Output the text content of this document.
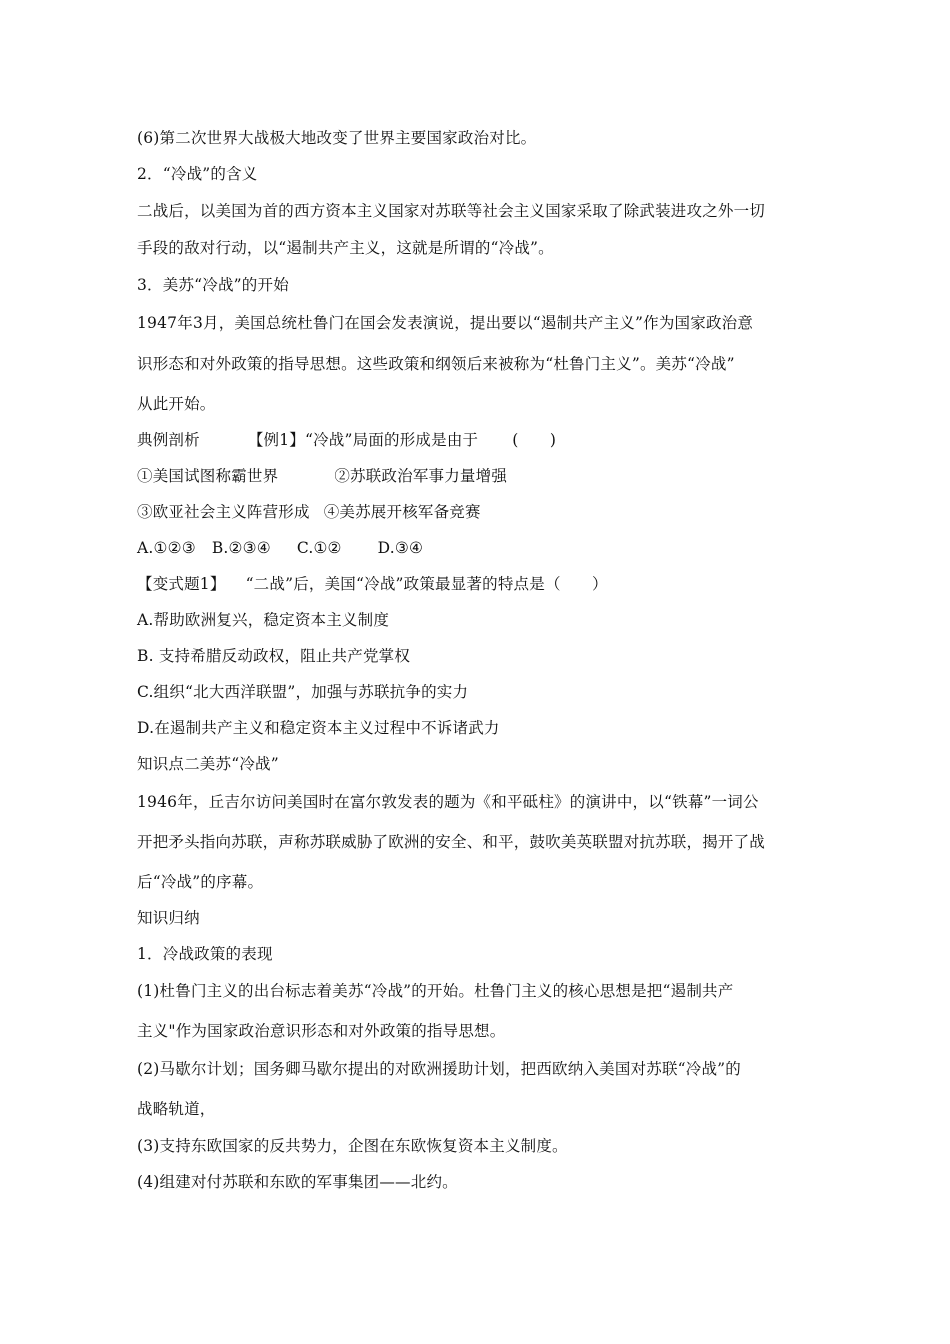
(6)第二次世界大战极大地改变了世界主要国家政治对比。
2．“冷战”的含义
二战后，以美国为首的西方资本主义国家对苏联等社会主义国家采取了除武装进攻之外一切
手段的敌对行动，以“遏制共产主义，这就是所谓的“冷战”。
3．美苏“冷战”的开始
1947年3月，美国总统杜鲁门在国会发表演说，提出要以“遏制共产主义”作为国家政治意
识形态和对外政策的指导思想。这些政策和纲领后来被称为“杜鲁门主义”。美苏“冷战”
从此开始。
典例剖析	【例1】“冷战”局面的形成是由于 (　　)
①美国试图称霸世界	②苏联政治军事力量增强
③欧亚社会主义阵营形成 ④美苏展开核军备竞赛
A.①②③ B.②③④ C.①② D.③④
【变式题1】 “二战”后，美国“冷战”政策最显著的特点是（　　）
A.帮助欧洲复兴，稳定资本主义制度
B. 支持希腊反动政权，阻止共产党掌权
C.组织“北大西洋联盟”，加强与苏联抗争的实力
D.在遏制共产主义和稳定资本主义过程中不诉诸武力
知识点二美苏“冷战”
1946年，丘吉尔访问美国时在富尔敦发表的题为《和平砥柱》的演讲中，以“铁幕”一词公
开把矛头指向苏联，声称苏联威胁了欧洲的安全、和平，鼓吹美英联盟对抗苏联，揭开了战
后“冷战”的序幕。
知识归纳
1．冷战政策的表现
(1)杜鲁门主义的出台标志着美苏“冷战”的开始。杜鲁门主义的核心思想是把“遏制共产
主义"作为国家政治意识形态和对外政策的指导思想。
(2)马歇尔计划；国务卿马歇尔提出的对欧洲援助计划，把西欧纳入美国对苏联“冷战”的
战略轨道，
(3)支持东欧国家的反共势力，企图在东欧恢复资本主义制度。
(4)组建对付苏联和东欧的军事集团——北约。
